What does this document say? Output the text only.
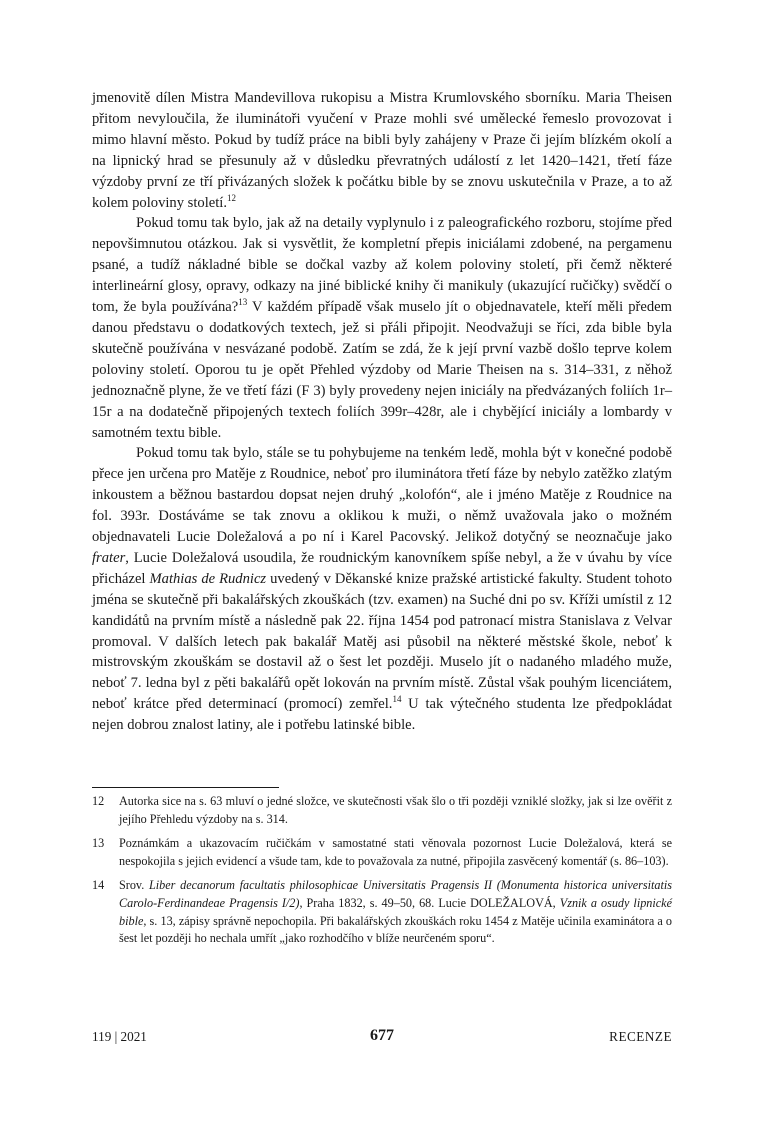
jmenovitě dílen Mistra Mandevillova rukopisu a Mistra Krumlovského sborníku. Maria Theisen přitom nevyloučila, že iluminátoři vyučení v Praze mohli své umělecké řemeslo provozovat i mimo hlavní město. Pokud by tudíž práce na bibli byly zahájeny v Praze či jejím blízkém okolí a na lipnický hrad se přesunuly až v důsledku převratných událostí z let 1420–1421, třetí fáze výzdoby první ze tří přivázaných složek k počátku bible by se znovu uskutečnila v Praze, a to až kolem poloviny století.$^{12}$

Pokud tomu tak bylo, jak až na detaily vyplynulo i z paleografického rozboru, stojíme před nepovšimnutou otázkou. Jak si vysvětlit, že kompletní přepis iniciálami zdobené, na pergamenu psané, a tudíž nákladné bible se dočkal vazby až kolem poloviny století, při čemž některé interlineární glosy, opravy, odkazy na jiné biblické knihy či manikuly (ukazující ručičky) svědčí o tom, že byla používána?$^{13}$ V každém případě však muselo jít o objednavatele, kteří měli předem danou představu o dodatkových textech, jež si přáli připojit. Neodvažuji se říci, zda bible byla skutečně používána v nesvázané podobě. Zatím se zdá, že k její první vazbě došlo teprve kolem poloviny století. Oporou tu je opět Přehled výzdoby od Marie Theisen na s. 314–331, z něhož jednoznačně plyne, že ve třetí fázi (F 3) byly provedeny nejen iniciály na předvázaných foliích 1r–15r a na dodatečně připojených textech foliích 399r–428r, ale i chybějící iniciály a lombardy v samotném textu bible.

Pokud tomu tak bylo, stále se tu pohybujeme na tenkém ledě, mohla být v konečné podobě přece jen určena pro Matěje z Roudnice, neboť pro iluminátora třetí fáze by nebylo zatěžko zlatým inkoustem a běžnou bastardou dopsat nejen druhý „kolofón“, ale i jméno Matěje z Roudnice na fol. 393r. Dostáváme se tak znovu a oklikou k muži, o němž uvažovala jako o možném objednavateli Lucie Doležalová a po ní i Karel Pacovský. Jelikož dotyčný se neoznačuje jako frater, Lucie Doležalová usoudila, že roudnickým kanovníkem spíše nebyl, a že v úvahu by více přicházel Mathias de Rudnicz uvedený v Děkanské knize pražské artistické fakulty. Student tohoto jména se skutečně při bakalářských zkouškách (tzv. examen) na Suché dni po sv. Kříži umístil z 12 kandidátů na prvním místě a následně pak 22. října 1454 pod patronací mistra Stanislava z Velvar promoval. V dalších letech pak bakalář Matěj asi působil na některé městské škole, neboť k mistrovským zkouškám se dostavil až o šest let později. Muselo jít o nadaného mladého muže, neboť 7. ledna byl z pěti bakalářů opět lokován na prvním místě. Zůstal však pouhým licenciátem, neboť krátce před determinací (promocí) zemřel.$^{14}$ U tak výtečného studenta lze předpokládat nejen dobrou znalost latiny, ale i potřebu latinské bible.

12	Autorka sice na s. 63 mluví o jedné složce, ve skutečnosti však šlo o tři později vzniklé složky, jak si lze ověřit z jejího Přehledu výzdoby na s. 314.
13	Poznámkám a ukazovacím ručičkám v samostatné stati věnovala pozornost Lucie Doležalová, která se nespokojila s jejich evidencí a všude tam, kde to považovala za nutné, připojila zasvěcený komentář (s. 86–103).
14	Srov. Liber decanorum facultatis philosophicae Universitatis Pragensis II (Monumenta historica universitatis Carolo-Ferdinandeae Pragensis I/2), Praha 1832, s. 49–50, 68. Lucie DOLEŽALOVÁ, Vznik a osudy lipnické bible, s. 13, zápisy správně nepochopila. Při bakalářských zkouškách roku 1454 z Matěje učinila examinátora a o šest let později ho nechala umřít „jako rozhodčího v blíže neurčeném sporu“.
119 | 2021	677	RECENZE
